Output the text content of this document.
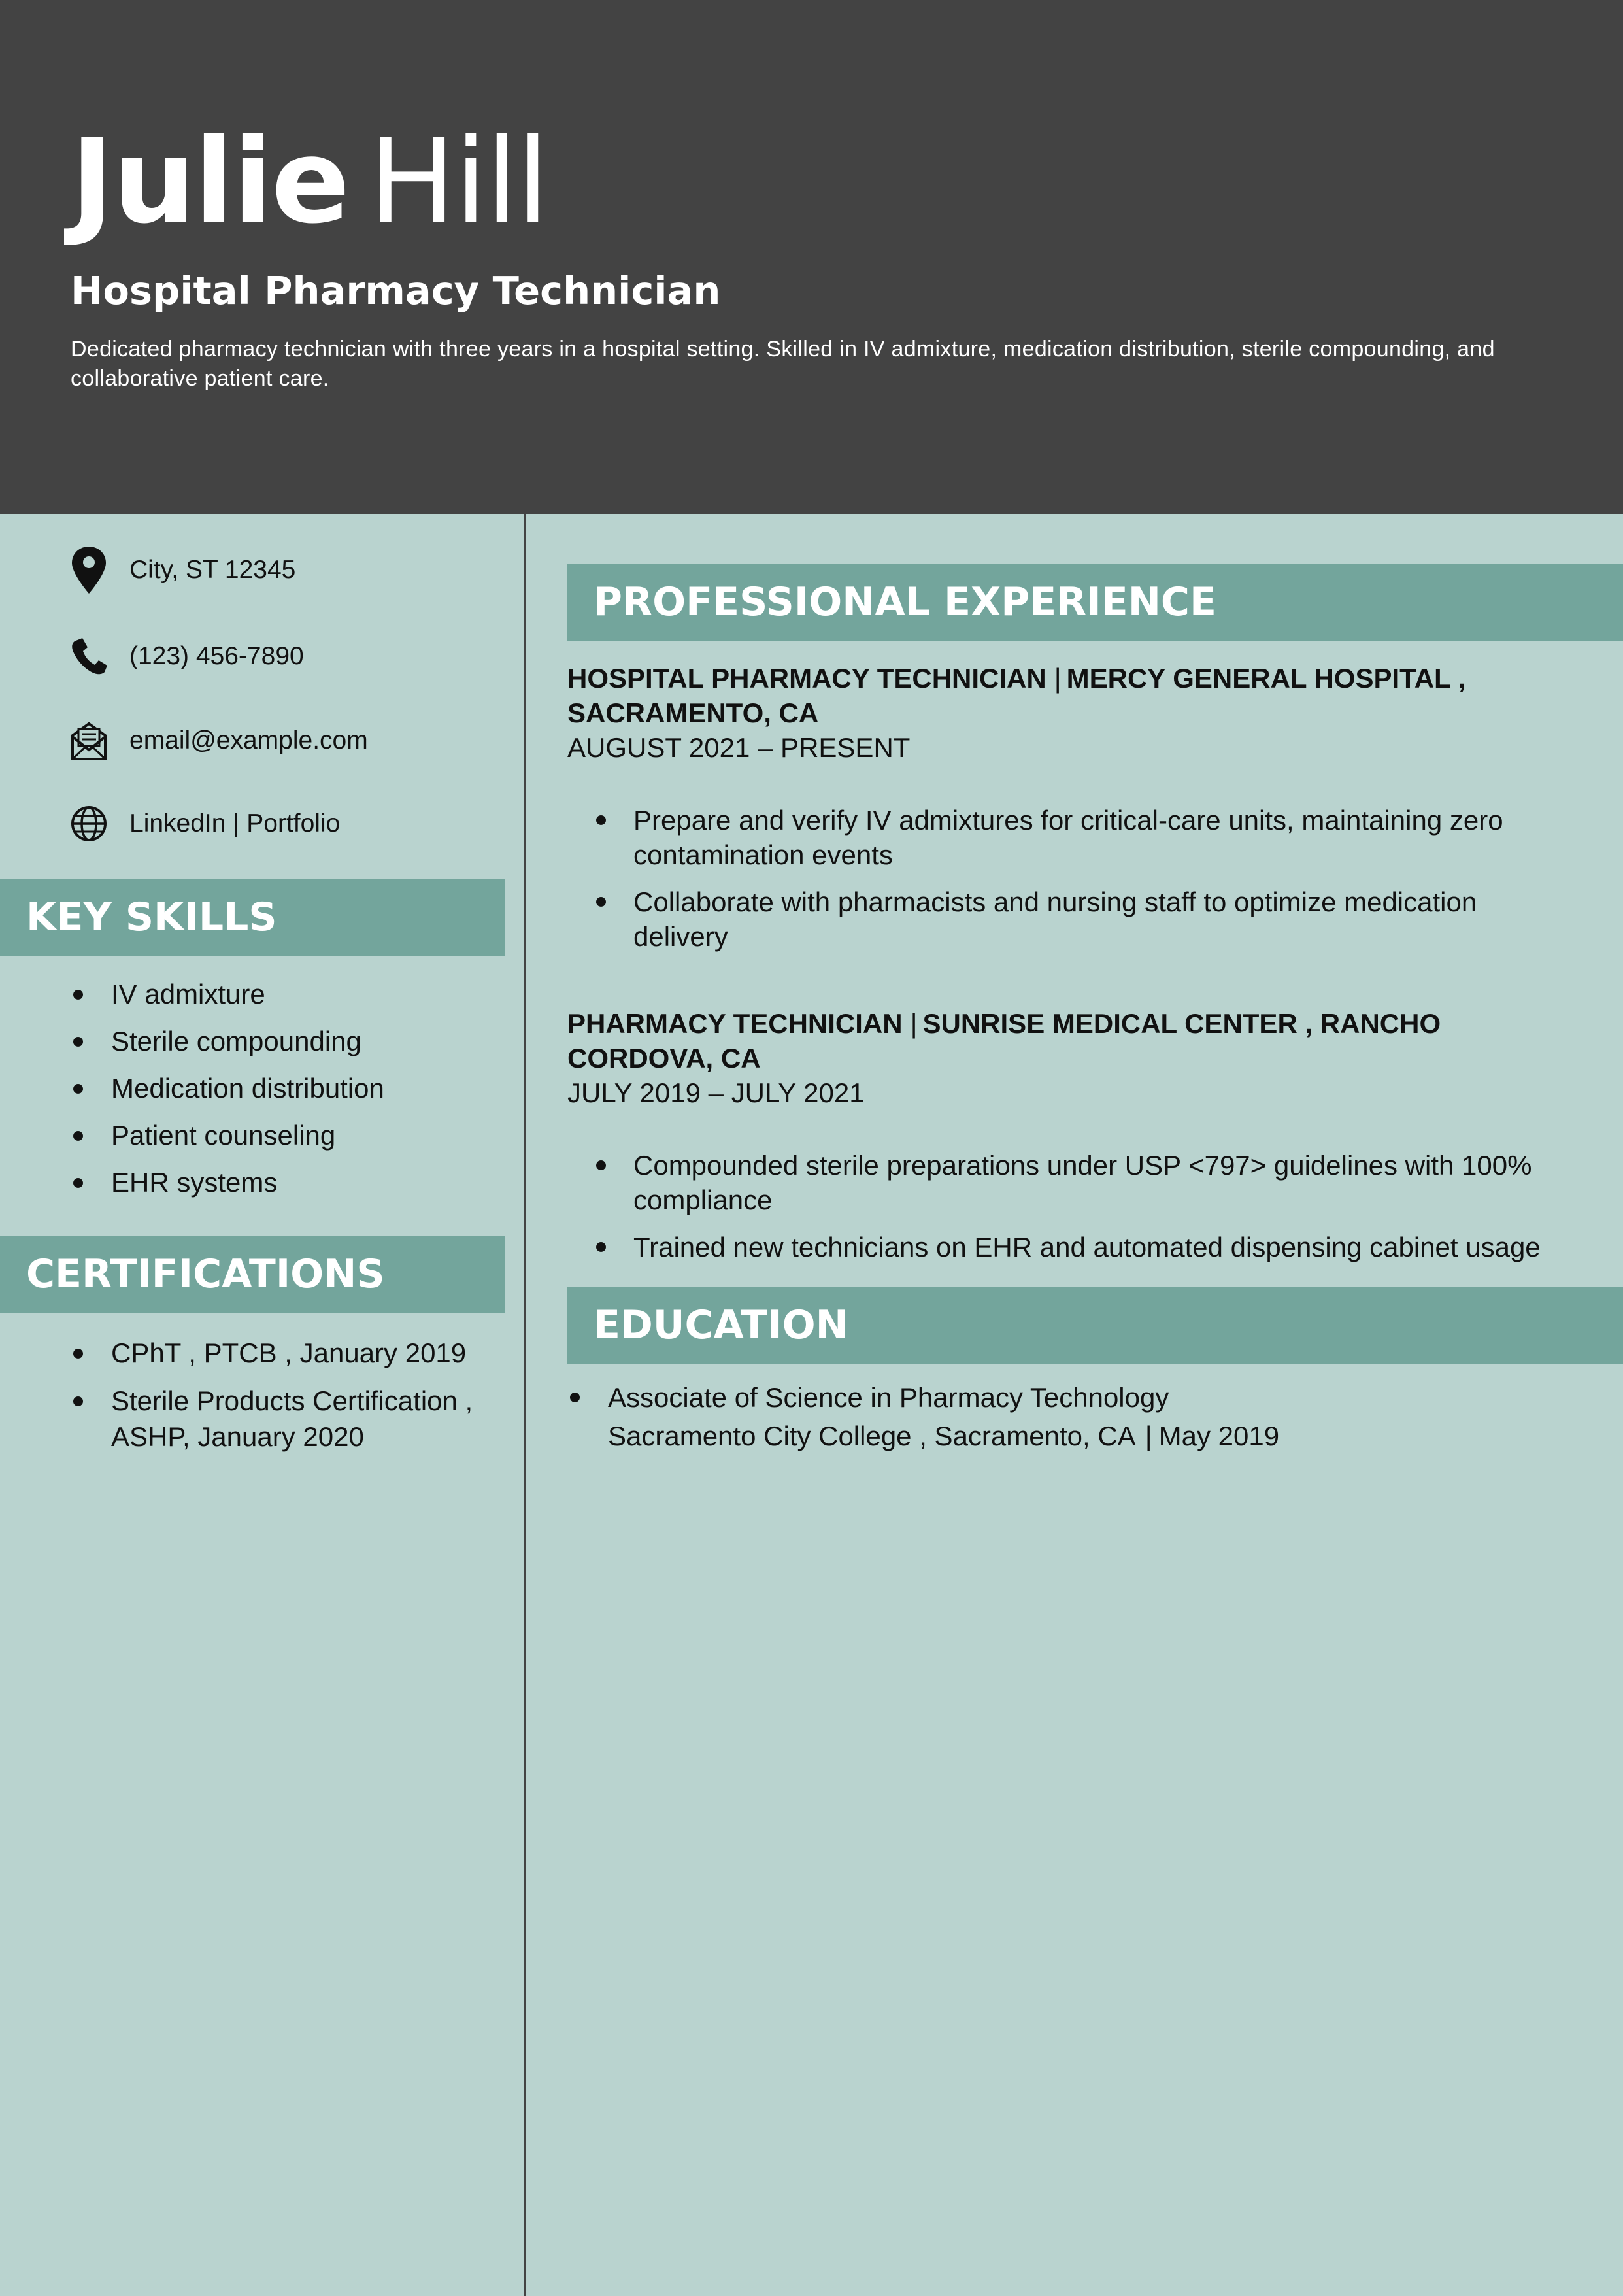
Julie Hill
Hospital Pharmacy Technician

Dedicated pharmacy technician with three years in a hospital setting. Skilled in IV admixture, medication distribution, sterile compounding, and collaborative patient care.

City, ST 12345
(123) 456-7890
email@example.com
LinkedIn | Portfolio
KEY SKILLS
IV admixture
Sterile compounding
Medication distribution
Patient counseling
EHR systems
CERTIFICATIONS
CPhT , PTCB , January 2019
Sterile Products Certification , ASHP, January 2020
PROFESSIONAL EXPERIENCE
HOSPITAL PHARMACY TECHNICIAN | MERCY GENERAL HOSPITAL , SACRAMENTO, CA
AUGUST 2021 – PRESENT
Prepare and verify IV admixtures for critical-care units, maintaining zero contamination events
Collaborate with pharmacists and nursing staff to optimize medication delivery
PHARMACY TECHNICIAN | SUNRISE MEDICAL CENTER , RANCHO CORDOVA, CA
JULY 2019 – JULY 2021
Compounded sterile preparations under USP <797> guidelines with 100% compliance
Trained new technicians on EHR and automated dispensing cabinet usage
EDUCATION
Associate of Science in Pharmacy Technology
Sacramento City College , Sacramento, CA | May 2019
